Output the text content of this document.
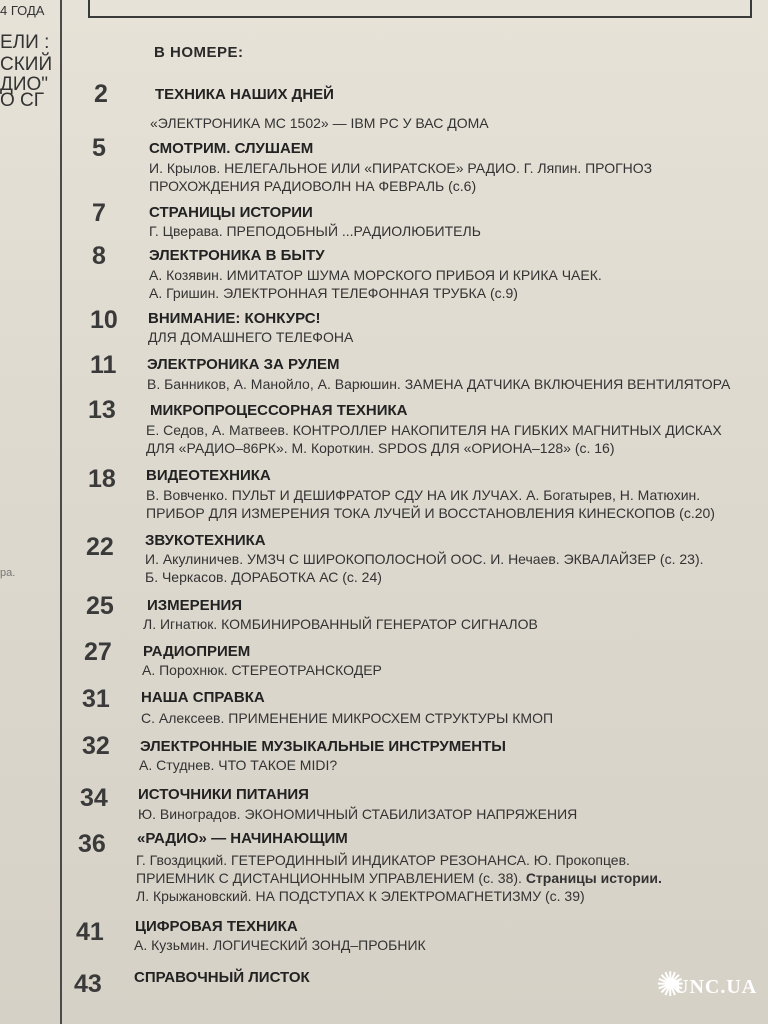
4 ГОДА
ЕЛИ :
СКИЙ
ДИО"
О СГ
ра.
В НОМЕРЕ:
2	ТЕХНИКА НАШИХ ДНЕЙ
«ЭЛЕКТРОНИКА МС 1502» — IBM PC У ВАС ДОМА
5	СМОТРИМ. СЛУШАЕМ
И. Крылов. НЕЛЕГАЛЬНОЕ ИЛИ «ПИРАТСКОЕ» РАДИО. Г. Ляпин. ПРОГНОЗ
ПРОХОЖДЕНИЯ РАДИОВОЛН НА ФЕВРАЛЬ (с.6)
7	СТРАНИЦЫ ИСТОРИИ
Г. Цверава. ПРЕПОДОБНЫЙ ...РАДИОЛЮБИТЕЛЬ
8	ЭЛЕКТРОНИКА В БЫТУ
А. Козявин. ИМИТАТОР ШУМА МОРСКОГО ПРИБОЯ И КРИКА ЧАЕК.
А. Гришин. ЭЛЕКТРОННАЯ ТЕЛЕФОННАЯ ТРУБКА (с.9)
10 ВНИМАНИЕ: КОНКУРС!
ДЛЯ ДОМАШНЕГО ТЕЛЕФОНА
11 ЭЛЕКТРОНИКА ЗА РУЛЕМ
В. Банников, А. Манойло, А. Варюшин. ЗАМЕНА ДАТЧИКА ВКЛЮЧЕНИЯ ВЕНТИЛЯТОРА
13 МИКРОПРОЦЕССОРНАЯ ТЕХНИКА
Е. Седов, А. Матвеев. КОНТРОЛЛЕР НАКОПИТЕЛЯ НА ГИБКИХ МАГНИТНЫХ ДИСКАХ
ДЛЯ «РАДИО–86РК». М. Короткин. SPDOS ДЛЯ «ОРИОНА–128» (с. 16)
18 ВИДЕОТЕХНИКА
В. Вовченко. ПУЛЬТ И ДЕШИФРАТОР СДУ НА ИК ЛУЧАХ. А. Богатырев, Н. Матюхин.
ПРИБОР ДЛЯ ИЗМЕРЕНИЯ ТОКА ЛУЧЕЙ И ВОССТАНОВЛЕНИЯ КИНЕСКОПОВ (с.20)
22 ЗВУКОТЕХНИКА
И. Акулиничев. УМЗЧ С ШИРОКОПОЛОСНОЙ ООС. И. Нечаев. ЭКВАЛАЙЗЕР (с. 23).
Б. Черкасов. ДОРАБОТКА АС (с. 24)
25 ИЗМЕРЕНИЯ
Л. Игнатюк. КОМБИНИРОВАННЫЙ ГЕНЕРАТОР СИГНАЛОВ
27 РАДИОПРИЕМ
А. Порохнюк. СТЕРЕОТРАНСКОДЕР
31 НАША СПРАВКА
С. Алексеев. ПРИМЕНЕНИЕ МИКРОСХЕМ СТРУКТУРЫ КМОП
32 ЭЛЕКТРОННЫЕ МУЗЫКАЛЬНЫЕ ИНСТРУМЕНТЫ
А. Студнев. ЧТО ТАКОЕ MIDI?
34 ИСТОЧНИКИ ПИТАНИЯ
Ю. Виноградов. ЭКОНОМИЧНЫЙ СТАБИЛИЗАТОР НАПРЯЖЕНИЯ
36 «РАДИО» — НАЧИНАЮЩИМ
Г. Гвоздицкий. ГЕТЕРОДИННЫЙ ИНДИКАТОР РЕЗОНАНСА. Ю. Прокопцев.
ПРИЕМНИК С ДИСТАНЦИОННЫМ УПРАВЛЕНИЕМ (с. 38). Страницы истории.
Л. Крыжановский. НА ПОДСТУПАХ К ЭЛЕКТРОМАГНЕТИЗМУ (с. 39)
41 ЦИФРОВАЯ ТЕХНИКА
А. Кузьмин. ЛОГИЧЕСКИЙ ЗОНД–ПРОБНИК
43 СПРАВОЧНЫЙ ЛИСТОК	✺
UNC.UA
